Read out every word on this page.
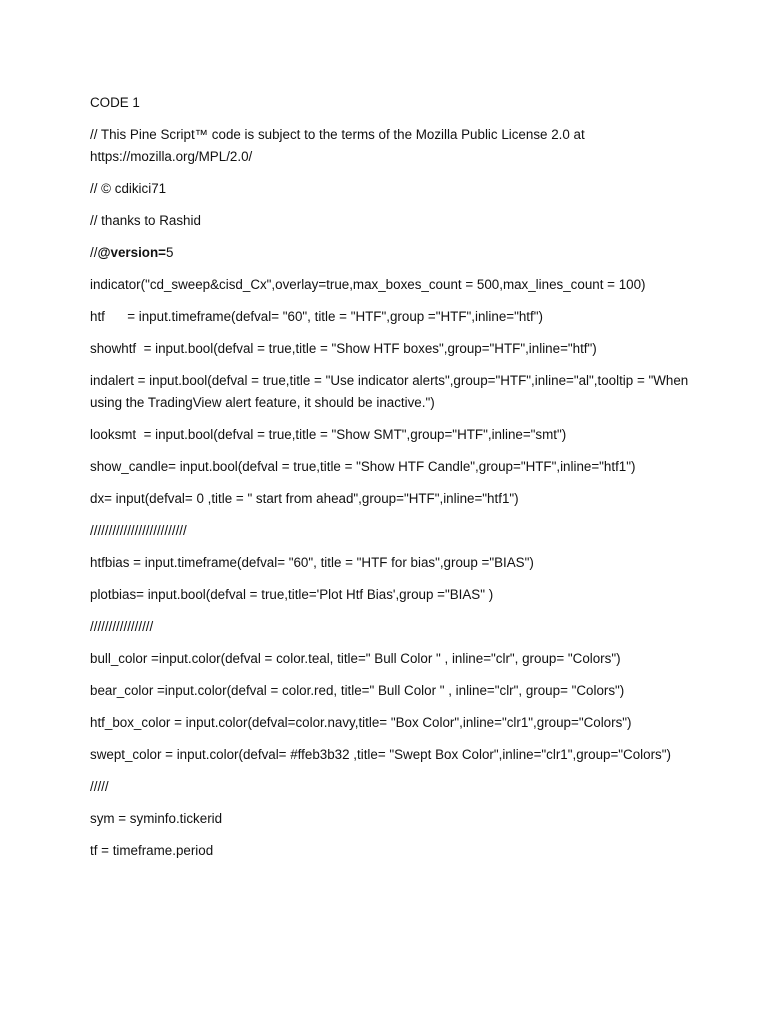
CODE 1

// This Pine Script™ code is subject to the terms of the Mozilla Public License 2.0 at https://mozilla.org/MPL/2.0/

// © cdikici71

// thanks to Rashid

//@version=5

indicator("cd_sweep&cisd_Cx",overlay=true,max_boxes_count = 500,max_lines_count = 100)

htf      = input.timeframe(defval= "60", title = "HTF",group ="HTF",inline="htf")

showhtf  = input.bool(defval = true,title = "Show HTF boxes",group="HTF",inline="htf")

indalert = input.bool(defval = true,title = "Use indicator alerts",group="HTF",inline="al",tooltip = "When using the TradingView alert feature, it should be inactive.")

looksmt  = input.bool(defval = true,title = "Show SMT",group="HTF",inline="smt")

show_candle= input.bool(defval = true,title = "Show HTF Candle",group="HTF",inline="htf1")

dx= input(defval= 0 ,title = " start from ahead",group="HTF",inline="htf1")

//////////////////////////

htfbias = input.timeframe(defval= "60", title = "HTF for bias",group ="BIAS")

plotbias= input.bool(defval = true,title='Plot Htf Bias',group ="BIAS" )

/////////////////

bull_color =input.color(defval = color.teal, title=" Bull Color " , inline="clr", group= "Colors")

bear_color =input.color(defval = color.red, title=" Bull Color " , inline="clr", group= "Colors")

htf_box_color = input.color(defval=color.navy,title= "Box Color",inline="clr1",group="Colors")

swept_color = input.color(defval= #ffeb3b32 ,title= "Swept Box Color",inline="clr1",group="Colors")

/////

sym = syminfo.tickerid

tf = timeframe.period
